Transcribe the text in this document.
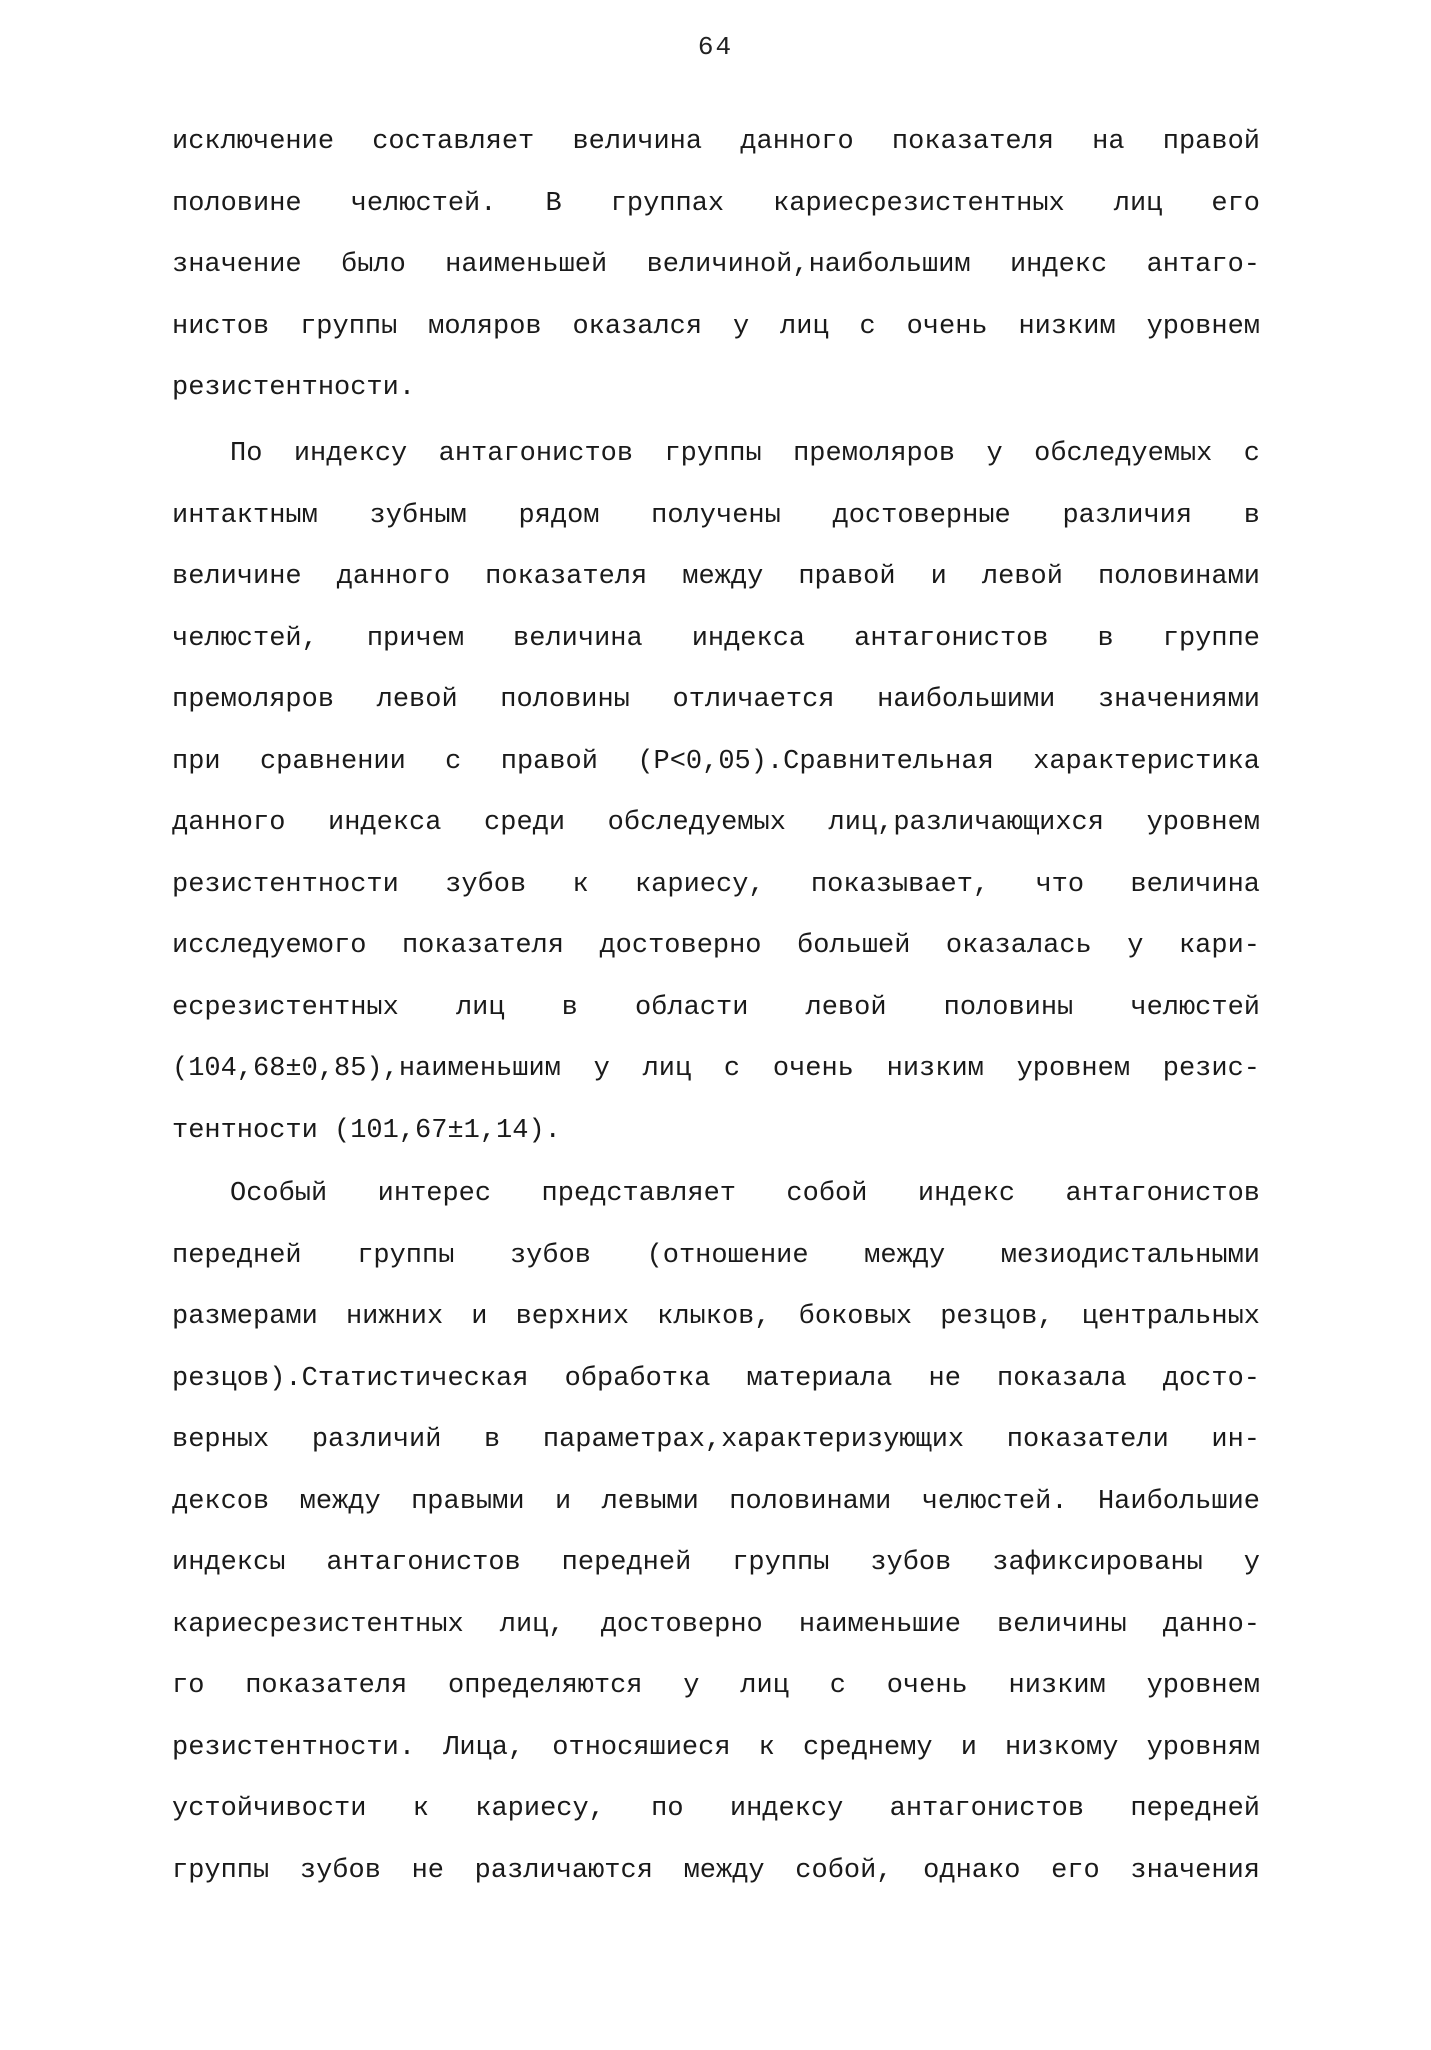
64
исключение составляет величина данного показателя на правой
половине челюстей. В группах кариесрезистентных лиц его
значение было наименьшей величиной,наибольшим индекс антаго-
нистов группы моляров оказался у лиц с очень низким уровнем
резистентности.
По индексу антагонистов группы премоляров у обследуемых с
интактным зубным рядом получены достоверные различия в
величине данного показателя между правой и левой половинами
челюстей, причем величина индекса антагонистов в группе
премоляров левой половины отличается наибольшими значениями
при сравнении с правой (P<0,05).Сравнительная характеристика
данного индекса среди обследуемых лиц,различающихся уровнем
резистентности зубов к кариесу, показывает, что величина
исследуемого показателя достоверно большей оказалась у кари-
есрезистентных лиц в области левой половины челюстей
(104,68±0,85),наименьшим у лиц с очень низким уровнем резис-
тентности (101,67±1,14).
Особый интерес представляет собой индекс антагонистов
передней группы зубов (отношение между мезиодистальными
размерами нижних и верхних клыков, боковых резцов, центральных
резцов).Статистическая обработка материала не показала досто-
верных различий в параметрах,характеризующих показатели ин-
дексов между правыми и левыми половинами челюстей. Наибольшие
индексы антагонистов передней группы зубов зафиксированы у
кариесрезистентных лиц, достоверно наименьшие величины данно-
го показателя определяются у лиц с очень низким уровнем
резистентности. Лица, относяшиеся к среднему и низкому уровням
устойчивости к кариесу, по индексу антагонистов передней
группы зубов не различаются между собой, однако его значения
